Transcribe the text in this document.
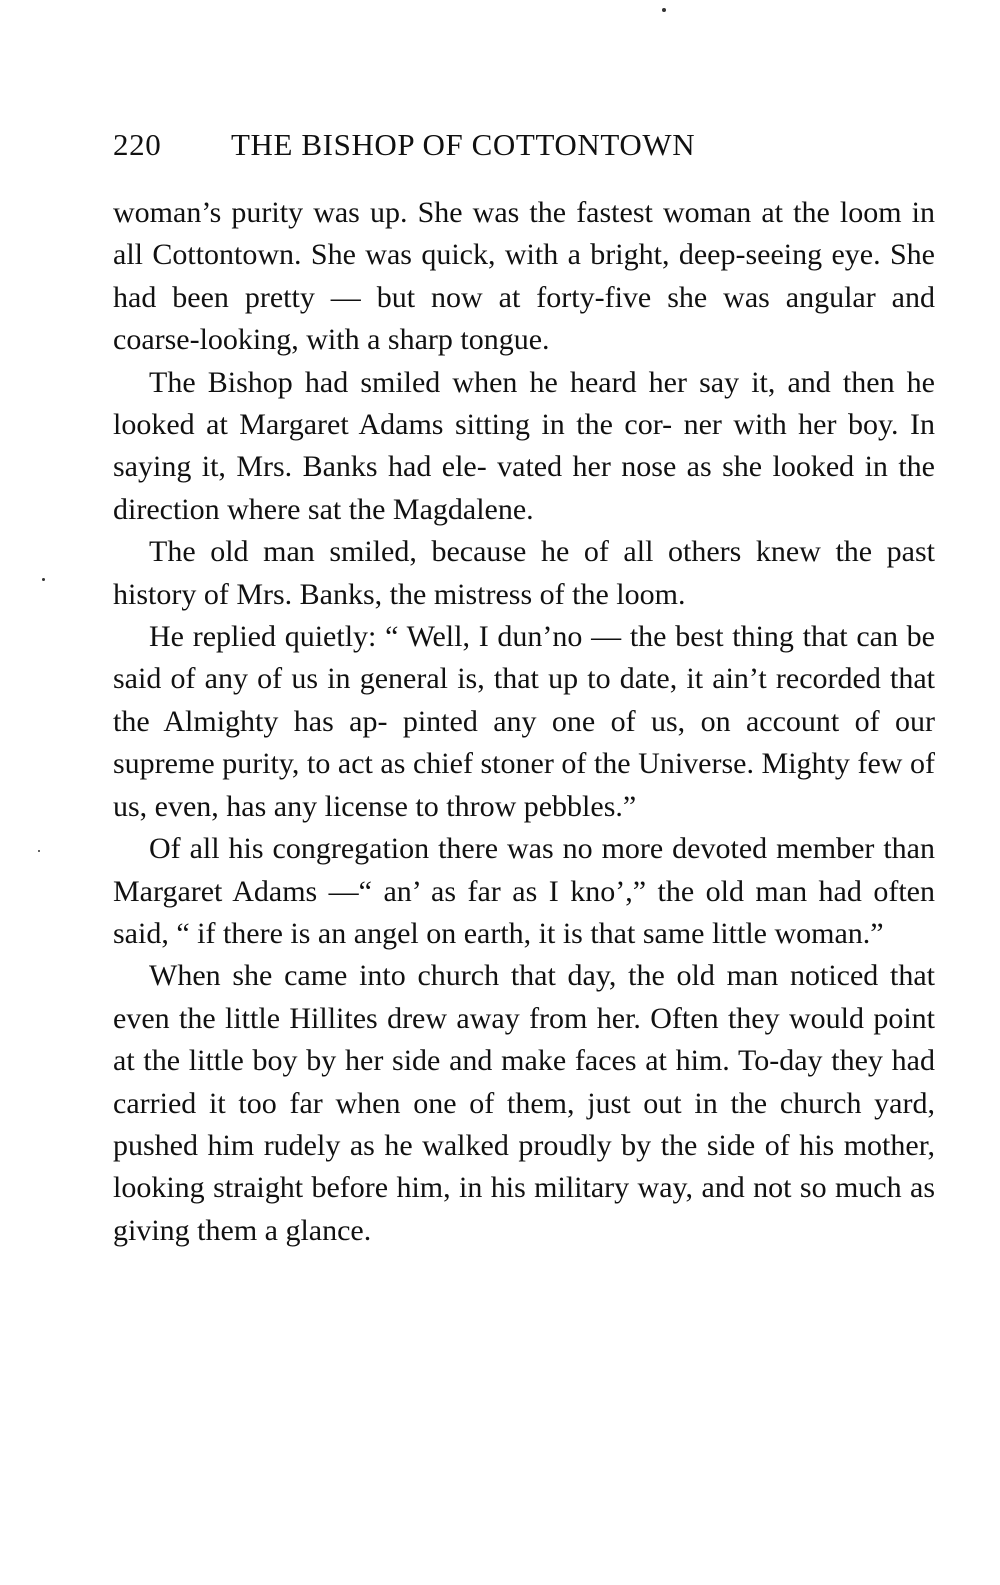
220 THE BISHOP OF COTTONTOWN

woman’s purity was up. She was the fastest woman at the loom in all Cottontown. She was quick, with a bright, deep-seeing eye. She had been pretty — but now at forty-five she was angular and coarse-looking, with a sharp tongue.

The Bishop had smiled when he heard her say it, and then he looked at Margaret Adams sitting in the cor- ner with her boy. In saying it, Mrs. Banks had ele- vated her nose as she looked in the direction where sat the Magdalene.

The old man smiled, because he of all others knew the past history of Mrs. Banks, the mistress of the loom.

He replied quietly: “ Well, I dun’no — the best thing that can be said of any of us in general is, that up to date, it ain’t recorded that the Almighty has ap- pinted any one of us, on account of our supreme purity, to act as chief stoner of the Universe. Mighty few of us, even, has any license to throw pebbles.”

Of all his congregation there was no more devoted member than Margaret Adams —“ an’ as far as I kno’,” the old man had often said, “ if there is an angel on earth, it is that same little woman.”

When she came into church that day, the old man noticed that even the little Hillites drew away from her. Often they would point at the little boy by her side and make faces at him. To-day they had carried it too far when one of them, just out in the church yard, pushed him rudely as he walked proudly by the side of his mother, looking straight before him, in his military way, and not so much as giving them a glance.
